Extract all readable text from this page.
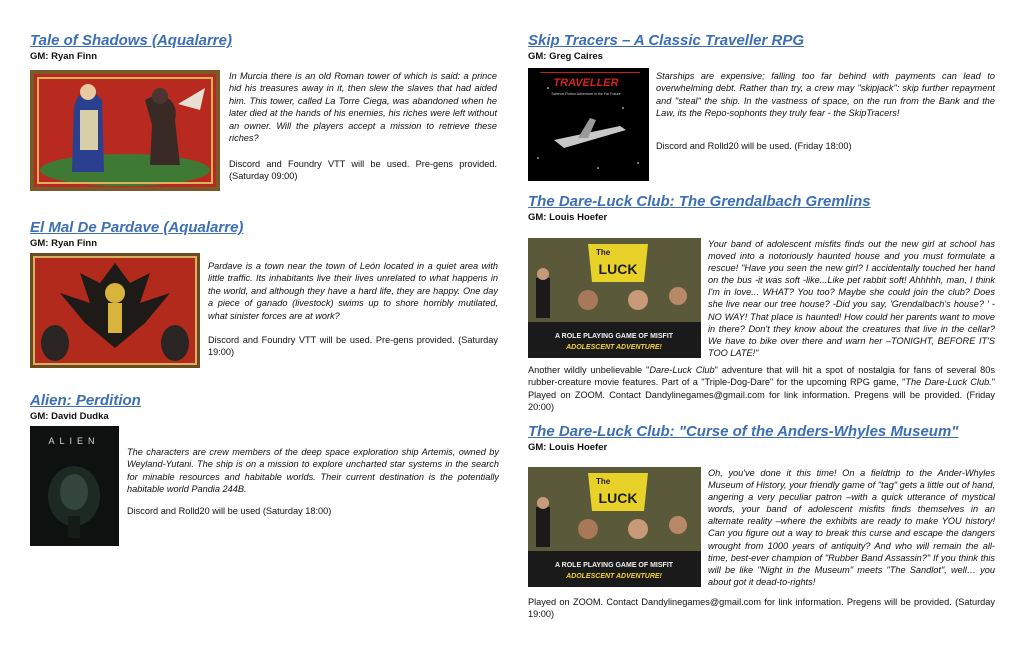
Tale of Shadows (Aqualarre)

GM: Ryan Finn

In Murcia there is an old Roman tower of which is said: a prince hid his treasures away in it, then slew the slaves that had aided him. This tower, called La Torre Ciega, was abandoned when he later died at the hands of his enemies, his riches were left without an owner. Will the players accept a mission to retrieve these riches?

Discord and Foundry VTT will be used. Pre-gens provided. (Saturday 09:00)

El Mal De Pardave (Aqualarre)

GM: Ryan Finn

Pardave is a town near the town of León located in a quiet area with little traffic. Its inhabitants live their lives unrelated to what happens in the world, and although they have a hard life, they are happy. One day a piece of ganado (livestock) swims up to shore horribly mutilated, what sinister forces are at work?

Discord and Foundry VTT will be used. Pre-gens provided. (Saturday 19:00)

Alien: Perdition

GM: David Dudka

ALIEN

The characters are crew members of the deep space exploration ship Artemis, owned by Weyland-Yutani. The ship is on a mission to explore uncharted star systems in the search for minable resources and habitable worlds. Their current destination is the potentially habitable world Pandia 244B.

Discord and Rolld20 will be used (Saturday 18:00)

Skip Tracers – A Classic Traveller RPG

GM: Greg Caires

TRAVELLER
Science-Fiction Adventure in the Far Future

Starships are expensive; falling too far behind with payments can lead to overwhelming debt. Rather than try, a crew may "skipjack": skip further repayment and "steal" the ship. In the vastness of space, on the run from the Bank and the Law, its the Repo-sophonts they truly fear - the SkipTracers!

Discord and Rolld20 will be used. (Friday 18:00)

The Dare-Luck Club: The Grendalbach Gremlins

GM: Louis Hoefer

The
LUCK
A ROLE PLAYING GAME OF MISFIT
ADOLESCENT ADVENTURE!

Your band of adolescent misfits finds out the new girl at school has moved into a notoriously haunted house and you must formulate a rescue! "Have you seen the new girl? I accidentally touched her hand on the bus -it was soft -like...Like pet rabbit soft! Ahhhhh, man, I think I'm in love... WHAT? You too? Maybe she could join the club? Does she live near our tree house? -Did you say, 'Grendalbach's house? ' -NO WAY! That place is haunted! How could her parents want to move in there? Don't they know about the creatures that live in the cellar? We have to bike over there and warn her –TONIGHT, BEFORE IT'S TOO LATE!"

Another wildly unbelievable "Dare-Luck Club" adventure that will hit a spot of nostalgia for fans of several 80s rubber-creature movie features. Part of a "Triple-Dog-Dare" for the upcoming RPG game, "The Dare-Luck Club." Played on ZOOM. Contact Dandylinegames@gmail.com for link information. Pregens will be provided. (Friday 20:00)

The Dare-Luck Club: "Curse of the Anders-Whyles Museum"

GM: Louis Hoefer

The
LUCK
A ROLE PLAYING GAME OF MISFIT
ADOLESCENT ADVENTURE!

Oh, you've done it this time! On a fieldtrip to the Ander-Whyles Museum of History, your friendly game of "tag" gets a little out of hand, angering a very peculiar patron –with a quick utterance of mystical words, your band of adolescent misfits finds themselves in an alternate reality –where the exhibits are ready to make YOU history! Can you figure out a way to break this curse and escape the dangers wrought from 1000 years of antiquity? And who will remain the all-time, best-ever champion of "Rubber Band Assassin?" If you think this will be like "Night in the Museum" meets "The Sandlot", well… you about got it dead-to-rights!

Played on ZOOM. Contact Dandylinegames@gmail.com for link information. Pregens will be provided. (Saturday 19:00)
